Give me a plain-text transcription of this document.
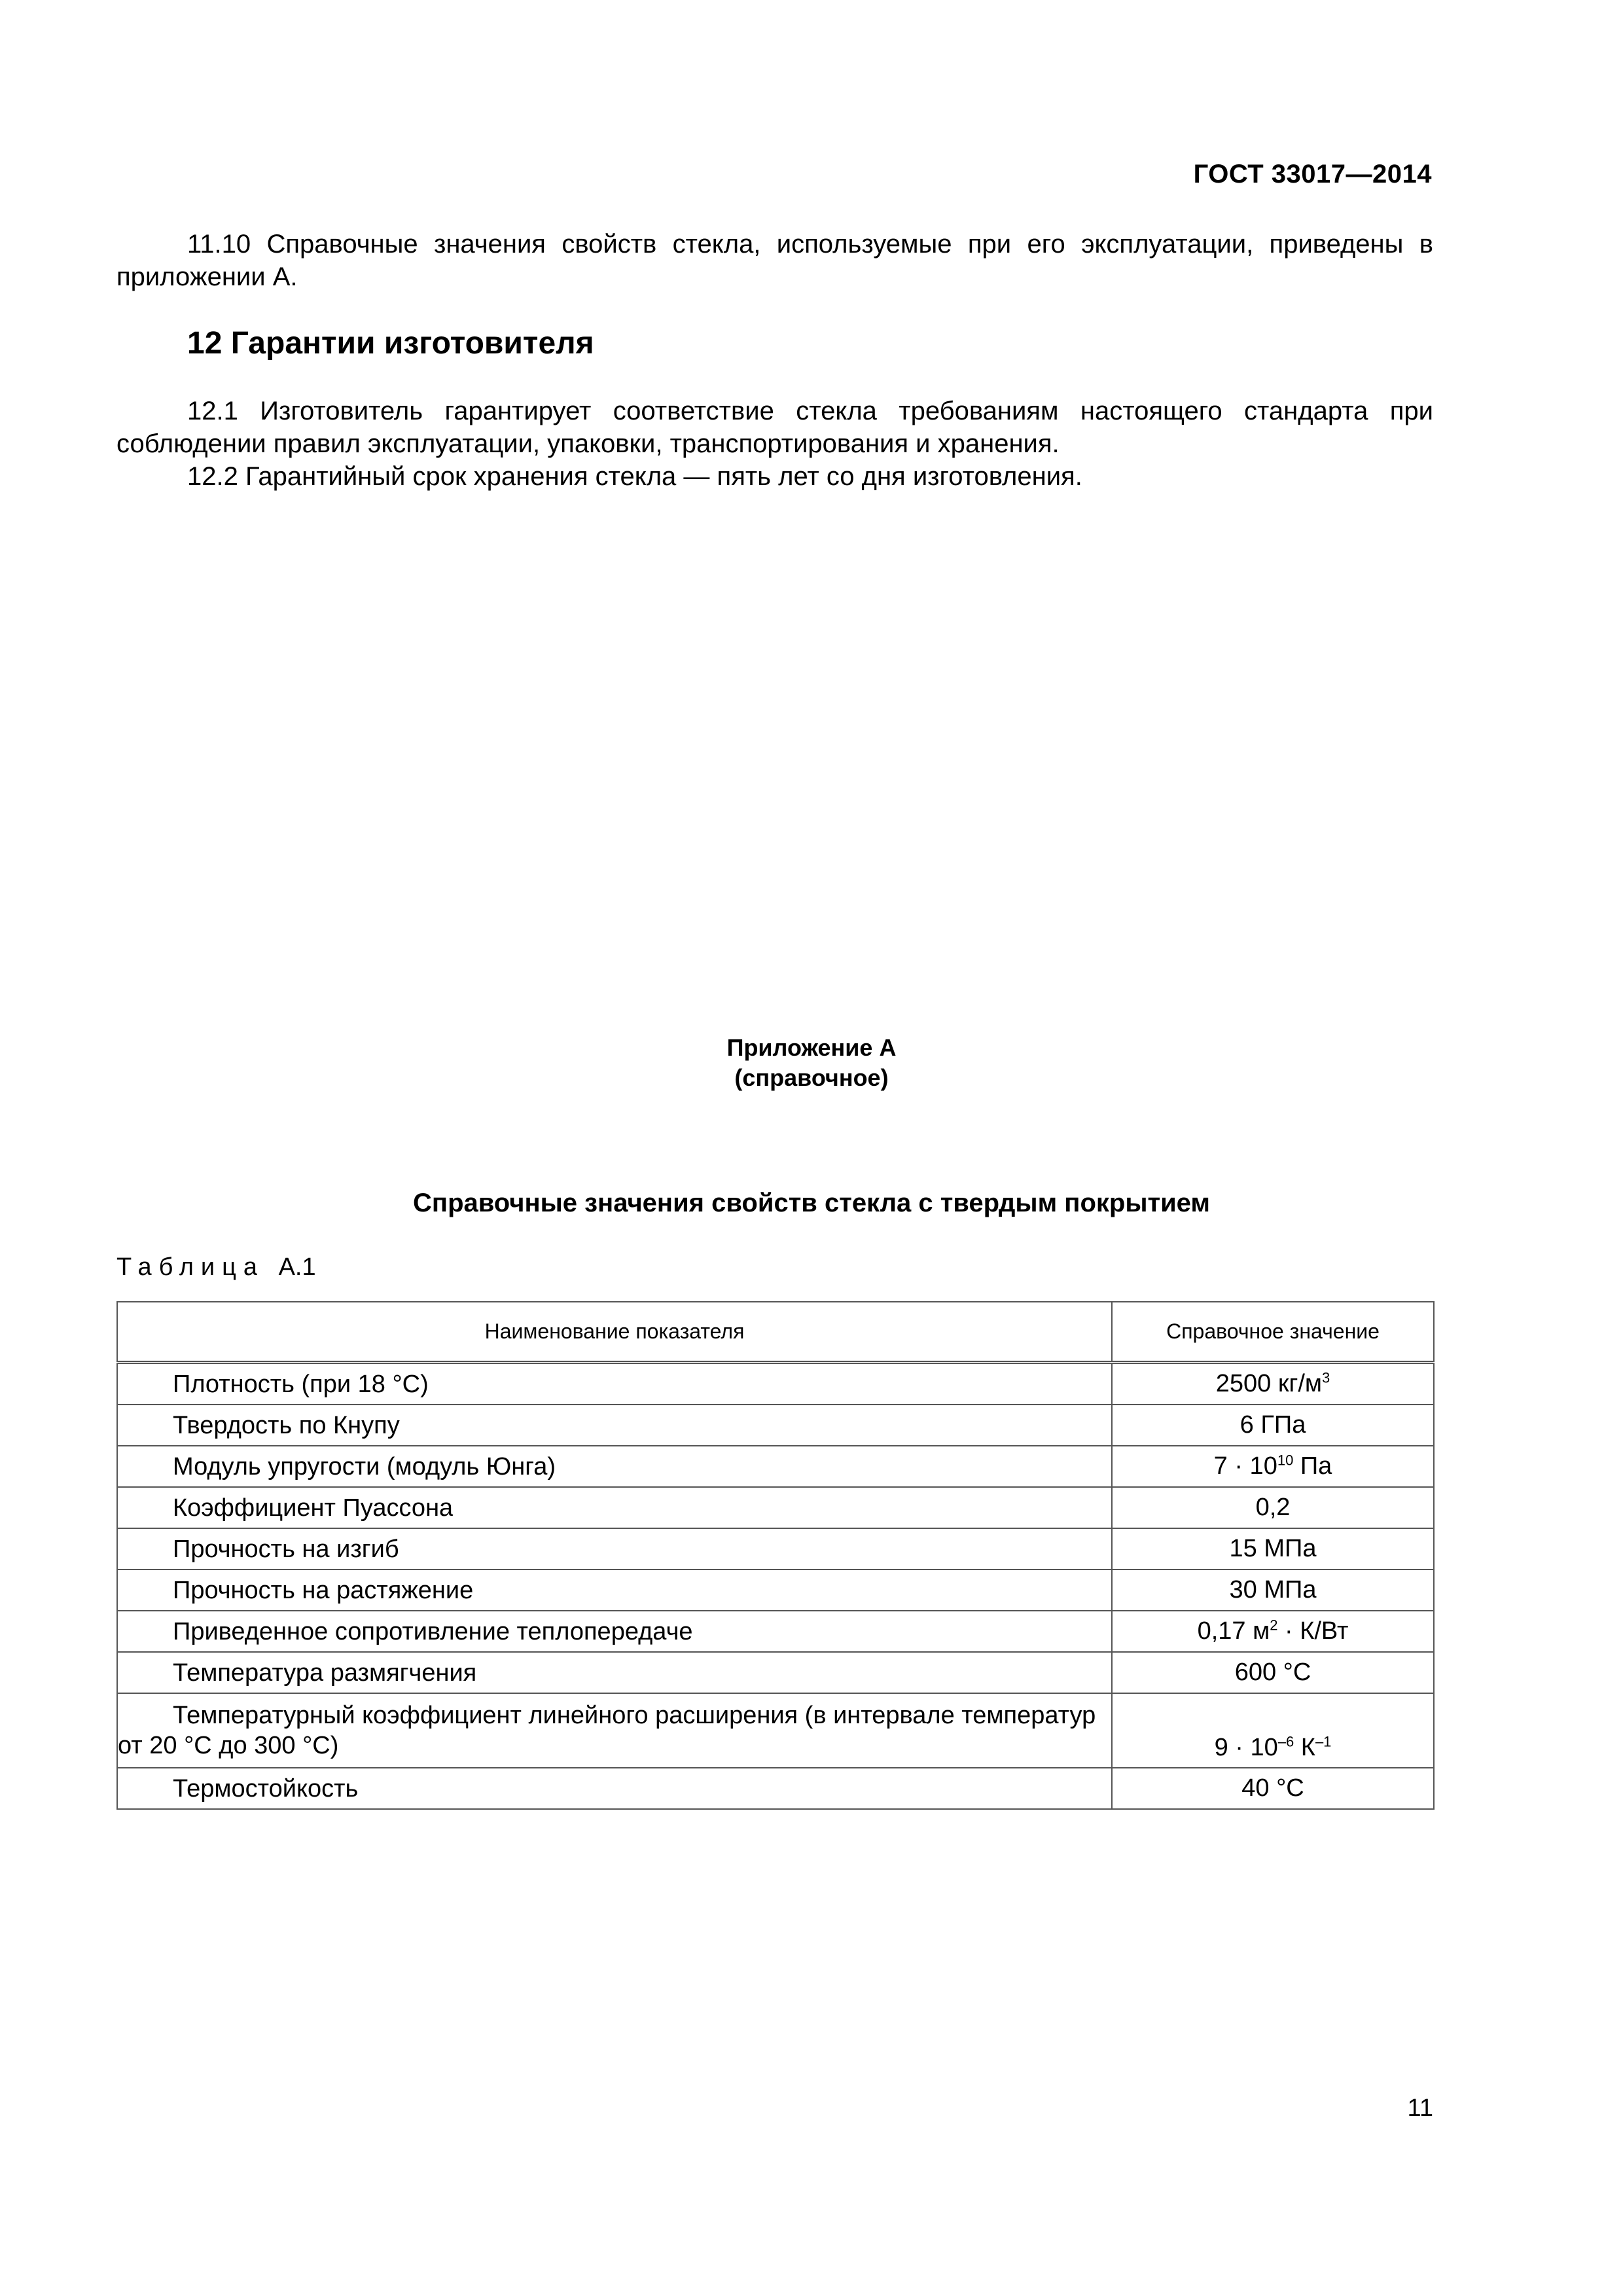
ГОСТ 33017—2014

11.10 Справочные значения свойств стекла, используемые при его эксплуатации, приведены в приложении А.

12 Гарантии изготовителя

12.1 Изготовитель гарантирует соответствие стекла требованиям настоящего стандарта при соблюдении правил эксплуатации, упаковки, транспортирования и хранения.

12.2 Гарантийный срок хранения стекла — пять лет со дня изготовления.

Приложение А
(справочное)
Справочные значения свойств стекла с твердым покрытием
Таблица А.1
Наименование показателя	Справочное значение
Плотность (при 18 °С)	2500 $кг/м^3$
Твердость по Кнупу	6 ГПа
Модуль упругости (модуль Юнга)	$7 \cdot 10^{10}$ Па
Коэффициент Пуассона	0,2
Прочность на изгиб	15 МПа
Прочность на растяжение	30 МПа
Приведенное сопротивление теплопередаче	0,17 $м^2 \cdot К/Вт$
Температура размягчения	600 °С
Температурный коэффициент линейного расширения (в интервале температур от 20 °С до 300 °С)	$9 \cdot 10^{-6}$ $К^{-1}$
Термостойкость	40 °С
11
